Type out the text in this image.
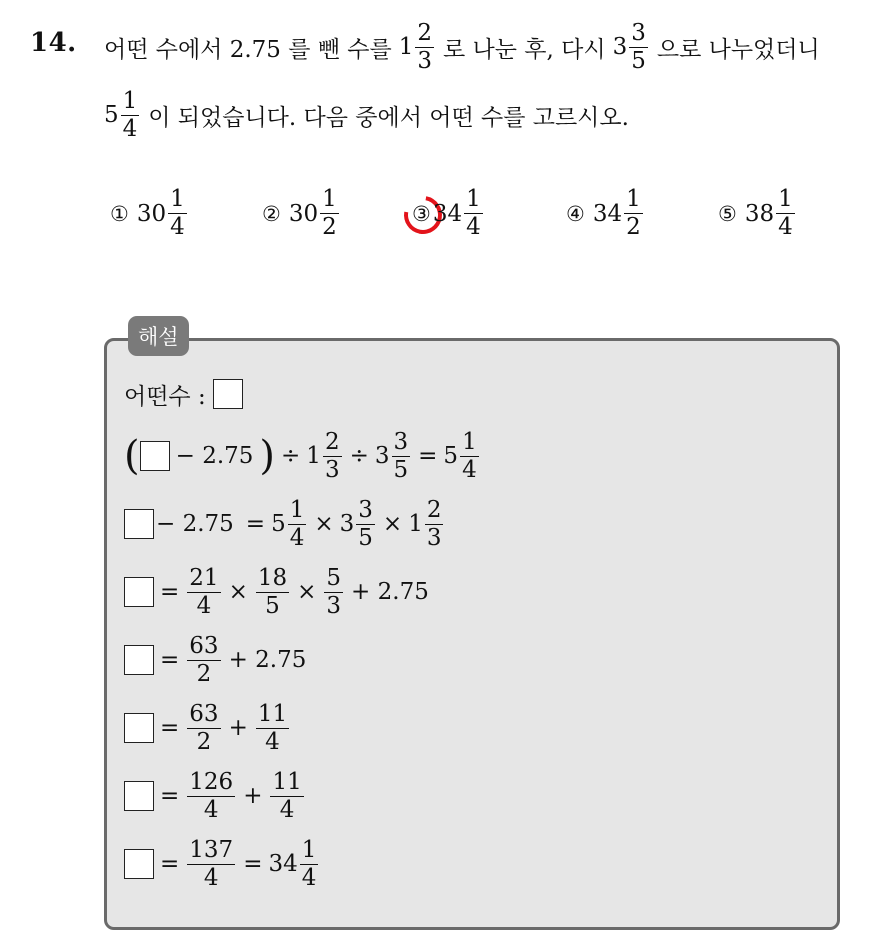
14. 어떤 수에서 2.75 를 뺀 수를 $1 \frac{2}{3}$ 로 나눈 후, 다시 $3 \frac{3}{5}$ 으로 나누었더니
$5 \frac{1}{4}$ 이 되었습니다. 다음 중에서 어떤 수를 고르시오.
① $30 \frac{1}{4}$	② $30 \frac{1}{2}$	③ $34 \frac{1}{4}$	④ $34 \frac{1}{2}$	⑤ $38 \frac{1}{4}$
해설
어떤수 :
( − 2.75 ) ÷ $1 \frac{2}{3} \div 3 \frac{3}{5} = 5 \frac{1}{4}$
− $2.75 = 5 \frac{1}{4} \times 3 \frac{3}{5} \times 1 \frac{2}{3}$
= $\frac{21}{4} \times \frac{18}{5} \times \frac{5}{3} + 2.75$
= $\frac{63}{2} + 2.75$
= $\frac{63}{2} + \frac{11}{4}$
= $\frac{126}{4} + \frac{11}{4}$
= $\frac{137}{4} = 34 \frac{1}{4}$
